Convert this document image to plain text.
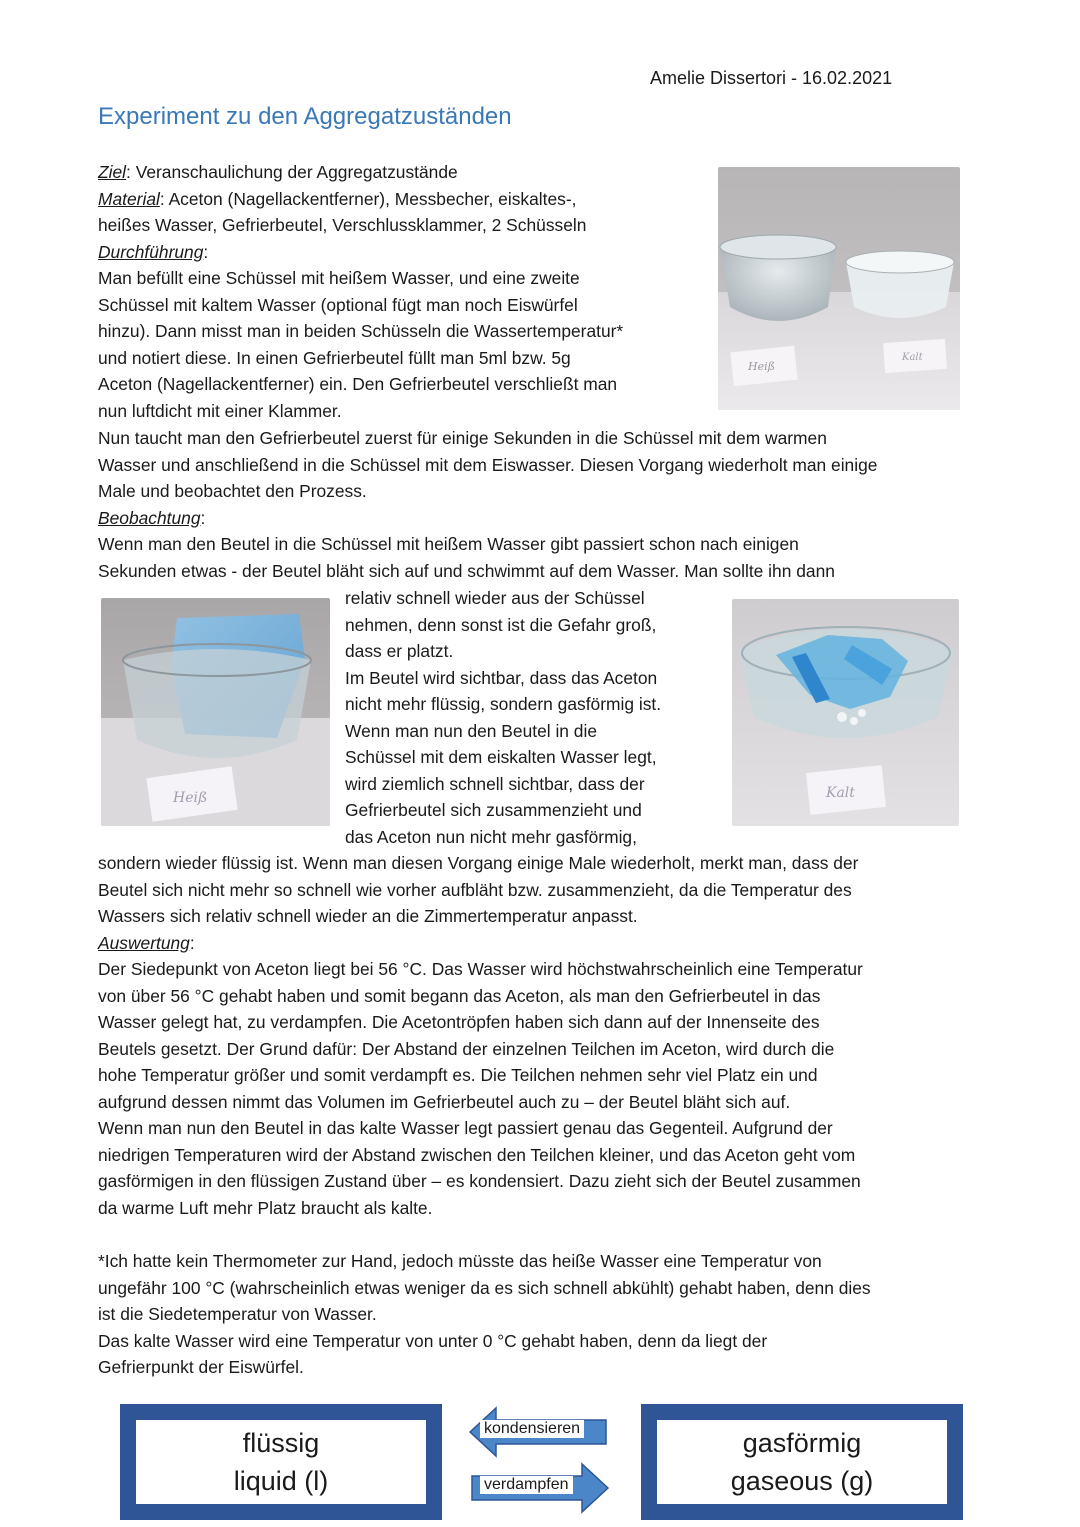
Amelie Dissertori - 16.02.2021
Experiment zu den Aggregatzuständen
Ziel: Veranschaulichung der Aggregatzustände
Material: Aceton (Nagellackentferner), Messbecher, eiskaltes-,
heißes Wasser, Gefrierbeutel, Verschlussklammer, 2 Schüsseln
Durchführung:
Man befüllt eine Schüssel mit heißem Wasser, und eine zweite
Schüssel mit kaltem Wasser (optional fügt man noch Eiswürfel
hinzu). Dann misst man in beiden Schüsseln die Wassertemperatur*
und notiert diese. In einen Gefrierbeutel füllt man 5ml bzw. 5g
Aceton (Nagellackentferner) ein. Den Gefrierbeutel verschließt man
nun luftdicht mit einer Klammer.
Heiß
Kalt
Nun taucht man den Gefrierbeutel zuerst für einige Sekunden in die Schüssel mit dem warmen
Wasser und anschließend in die Schüssel mit dem Eiswasser. Diesen Vorgang wiederholt man einige
Male und beobachtet den Prozess.
Beobachtung:
Wenn man den Beutel in die Schüssel mit heißem Wasser gibt passiert schon nach einigen
Sekunden etwas - der Beutel bläht sich auf und schwimmt auf dem Wasser. Man sollte ihn dann
Heiß
relativ schnell wieder aus der Schüssel
nehmen, denn sonst ist die Gefahr groß,
dass er platzt.
Im Beutel wird sichtbar, dass das Aceton
nicht mehr flüssig, sondern gasförmig ist.
Wenn man nun den Beutel in die
Schüssel mit dem eiskalten Wasser legt,
wird ziemlich schnell sichtbar, dass der
Gefrierbeutel sich zusammenzieht und
das Aceton nun nicht mehr gasförmig,
Kalt
sondern wieder flüssig ist. Wenn man diesen Vorgang einige Male wiederholt, merkt man, dass der
Beutel sich nicht mehr so schnell wie vorher aufbläht bzw. zusammenzieht, da die Temperatur des
Wassers sich relativ schnell wieder an die Zimmertemperatur anpasst.
Auswertung:
Der Siedepunkt von Aceton liegt bei 56 °C. Das Wasser wird höchstwahrscheinlich eine Temperatur
von über 56 °C gehabt haben und somit begann das Aceton, als man den Gefrierbeutel in das
Wasser gelegt hat, zu verdampfen. Die Acetontröpfen haben sich dann auf der Innenseite des
Beutels gesetzt. Der Grund dafür: Der Abstand der einzelnen Teilchen im Aceton, wird durch die
hohe Temperatur größer und somit verdampft es. Die Teilchen nehmen sehr viel Platz ein und
aufgrund dessen nimmt das Volumen im Gefrierbeutel auch zu – der Beutel bläht sich auf.
Wenn man nun den Beutel in das kalte Wasser legt passiert genau das Gegenteil. Aufgrund der
niedrigen Temperaturen wird der Abstand zwischen den Teilchen kleiner, und das Aceton geht vom
gasförmigen in den flüssigen Zustand über – es kondensiert. Dazu zieht sich der Beutel zusammen
da warme Luft mehr Platz braucht als kalte.
*Ich hatte kein Thermometer zur Hand, jedoch müsste das heiße Wasser eine Temperatur von
ungefähr 100 °C (wahrscheinlich etwas weniger da es sich schnell abkühlt) gehabt haben, denn dies
ist die Siedetemperatur von Wasser.
Das kalte Wasser wird eine Temperatur von unter 0 °C gehabt haben, denn da liegt der
Gefrierpunkt der Eiswürfel.
flüssig
liquid (l)
gasförmig
gaseous (g)
kondensieren
verdampfen
